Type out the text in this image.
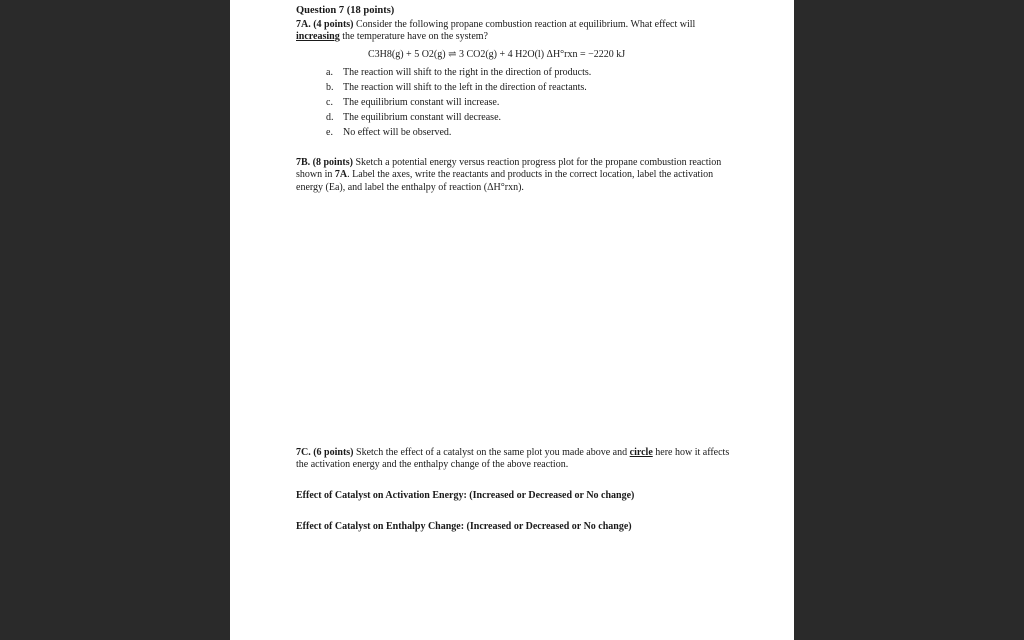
Question 7 (18 points)
7A. (4 points) Consider the following propane combustion reaction at equilibrium. What effect will increasing the temperature have on the system?
C3H8(g) + 5 O2(g) ⇌ 3 CO2(g) + 4 H2O(l) ΔH°rxn = −2220 kJ
a. The reaction will shift to the right in the direction of products.
b. The reaction will shift to the left in the direction of reactants.
c. The equilibrium constant will increase.
d. The equilibrium constant will decrease.
e. No effect will be observed.
7B. (8 points) Sketch a potential energy versus reaction progress plot for the propane combustion reaction shown in 7A. Label the axes, write the reactants and products in the correct location, label the activation energy (Ea), and label the enthalpy of reaction (ΔH°rxn).
7C. (6 points) Sketch the effect of a catalyst on the same plot you made above and circle here how it affects the activation energy and the enthalpy change of the above reaction.
Effect of Catalyst on Activation Energy: (Increased or Decreased or No change)
Effect of Catalyst on Enthalpy Change: (Increased or Decreased or No change)
